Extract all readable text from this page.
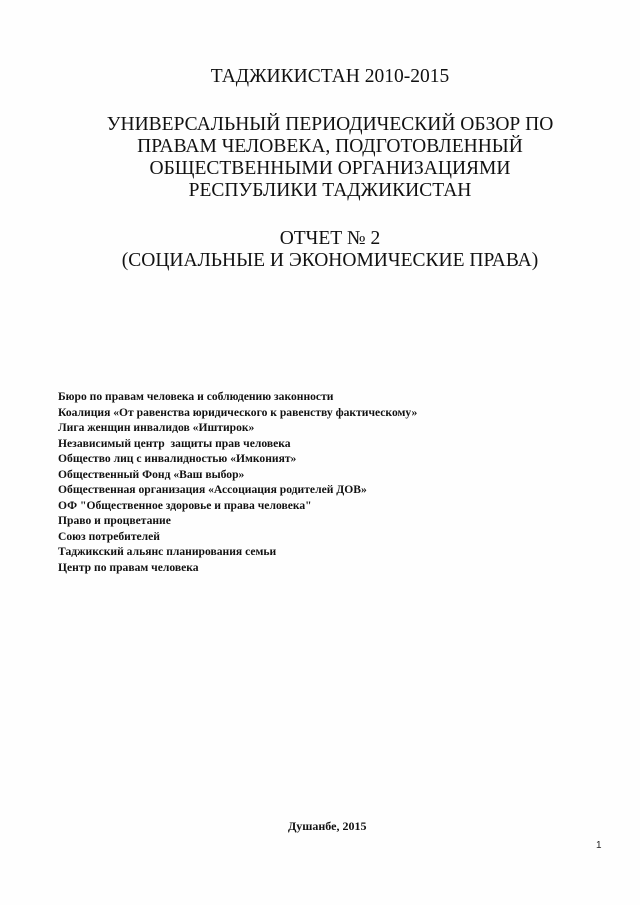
ТАДЖИКИСТАН 2010-2015
УНИВЕРСАЛЬНЫЙ ПЕРИОДИЧЕСКИЙ ОБЗОР ПО
ПРАВАМ ЧЕЛОВЕКА, ПОДГОТОВЛЕННЫЙ
ОБЩЕСТВЕННЫМИ ОРГАНИЗАЦИЯМИ
РЕСПУБЛИКИ ТАДЖИКИСТАН
ОТЧЕТ № 2
(СОЦИАЛЬНЫЕ И ЭКОНОМИЧЕСКИЕ ПРАВА)
Бюро по правам человека и соблюдению законности
Коалиция «От равенства юридического к равенству фактическому»
Лига женщин инвалидов «Иштирок»
Независимый центр  защиты прав человека
Общество лиц с инвалидностью «Имконият»
Общественный Фонд «Ваш выбор»
Общественная организация «Ассоциация родителей ДОВ»
ОФ "Общественное здоровье и права человека"
Право и процветание
Союз потребителей
Таджикский альянс планирования семьи
Центр по правам человека
Душанбе, 2015
1
